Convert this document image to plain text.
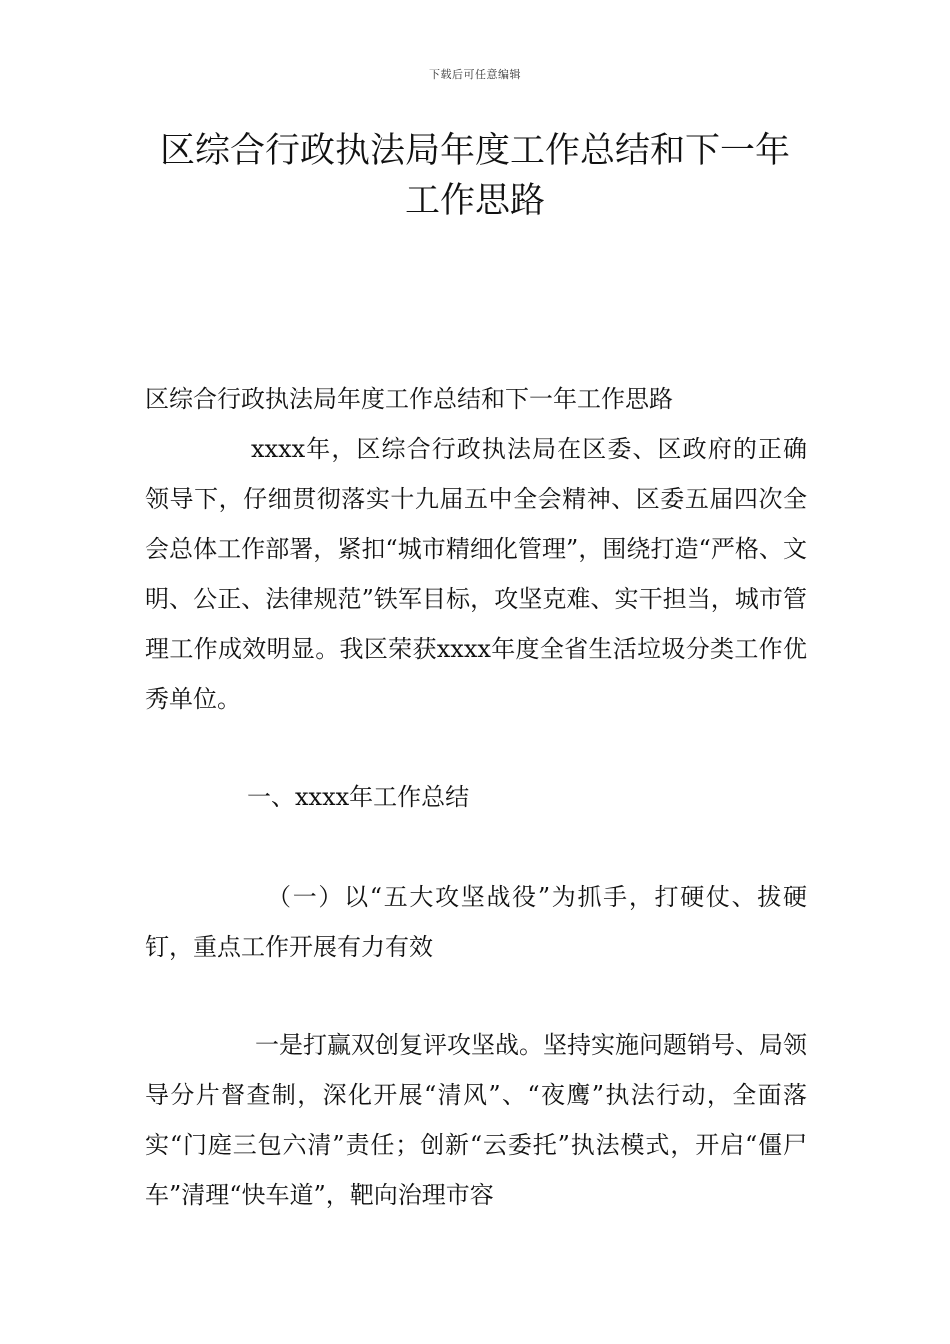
下载后可任意编辑
区综合行政执法局年度工作总结和下一年
工作思路
区综合行政执法局年度工作总结和下一年工作思路
xxxx年，区综合行政执法局在区委、区政府的正确领导下，仔细贯彻落实十九届五中全会精神、区委五届四次全会总体工作部署，紧扣“城市精细化管理”，围绕打造“严格、文明、公正、法律规范”铁军目标，攻坚克难、实干担当，城市管理工作成效明显。我区荣获xxxx年度全省生活垃圾分类工作优秀单位。
一、xxxx年工作总结
（一）以“五大攻坚战役”为抓手，打硬仗、拔硬钉，重点工作开展有力有效
一是打赢双创复评攻坚战。坚持实施问题销号、局领导分片督查制，深化开展“清风”、“夜鹰”执法行动，全面落实“门庭三包六清”责任；创新“云委托”执法模式，开启“僵尸车”清理“快车道”，靶向治理市容
